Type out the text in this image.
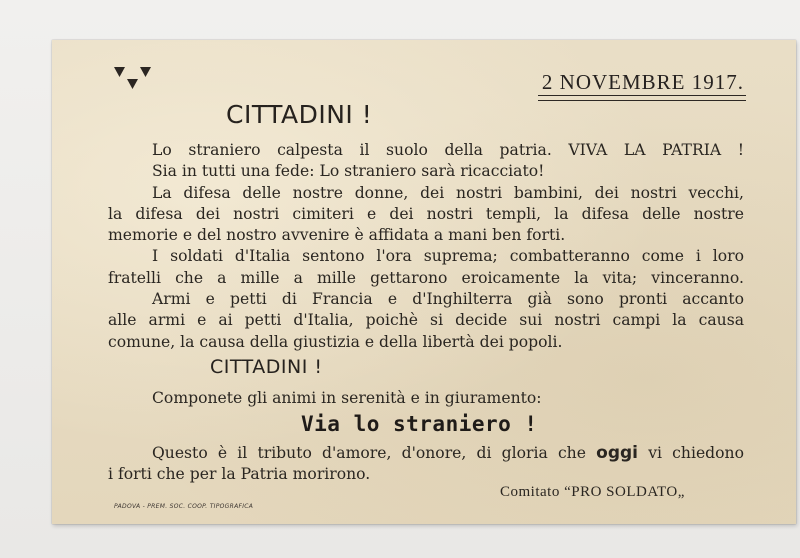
2 NOVEMBRE 1917.
CITTADINI !
Lo straniero calpesta il suolo della patria. VIVA LA PATRIA !
Sia in tutti una fede: Lo straniero sarà ricacciato!
La difesa delle nostre donne, dei nostri bambini, dei nostri vecchi,
la difesa dei nostri cimiteri e dei nostri templi, la difesa delle nostre
memorie e del nostro avvenire è affidata a mani ben forti.
I soldati d'Italia sentono l'ora suprema; combatteranno come i loro
fratelli che a mille a mille gettarono eroicamente la vita; vinceranno.
Armi e petti di Francia e d'Inghilterra già sono pronti accanto
alle armi e ai petti d'Italia, poichè si decide sui nostri campi la causa
comune, la causa della giustizia e della libertà dei popoli.
CITTADINI !
Componete gli animi in serenità e in giuramento:
Via lo straniero !
Questo è il tributo d'amore, d'onore, di gloria che oggi vi chiedono
i forti che per la Patria morirono.
Comitato “PRO SOLDATO„
PADOVA - PREM. SOC. COOP. TIPOGRAFICA
